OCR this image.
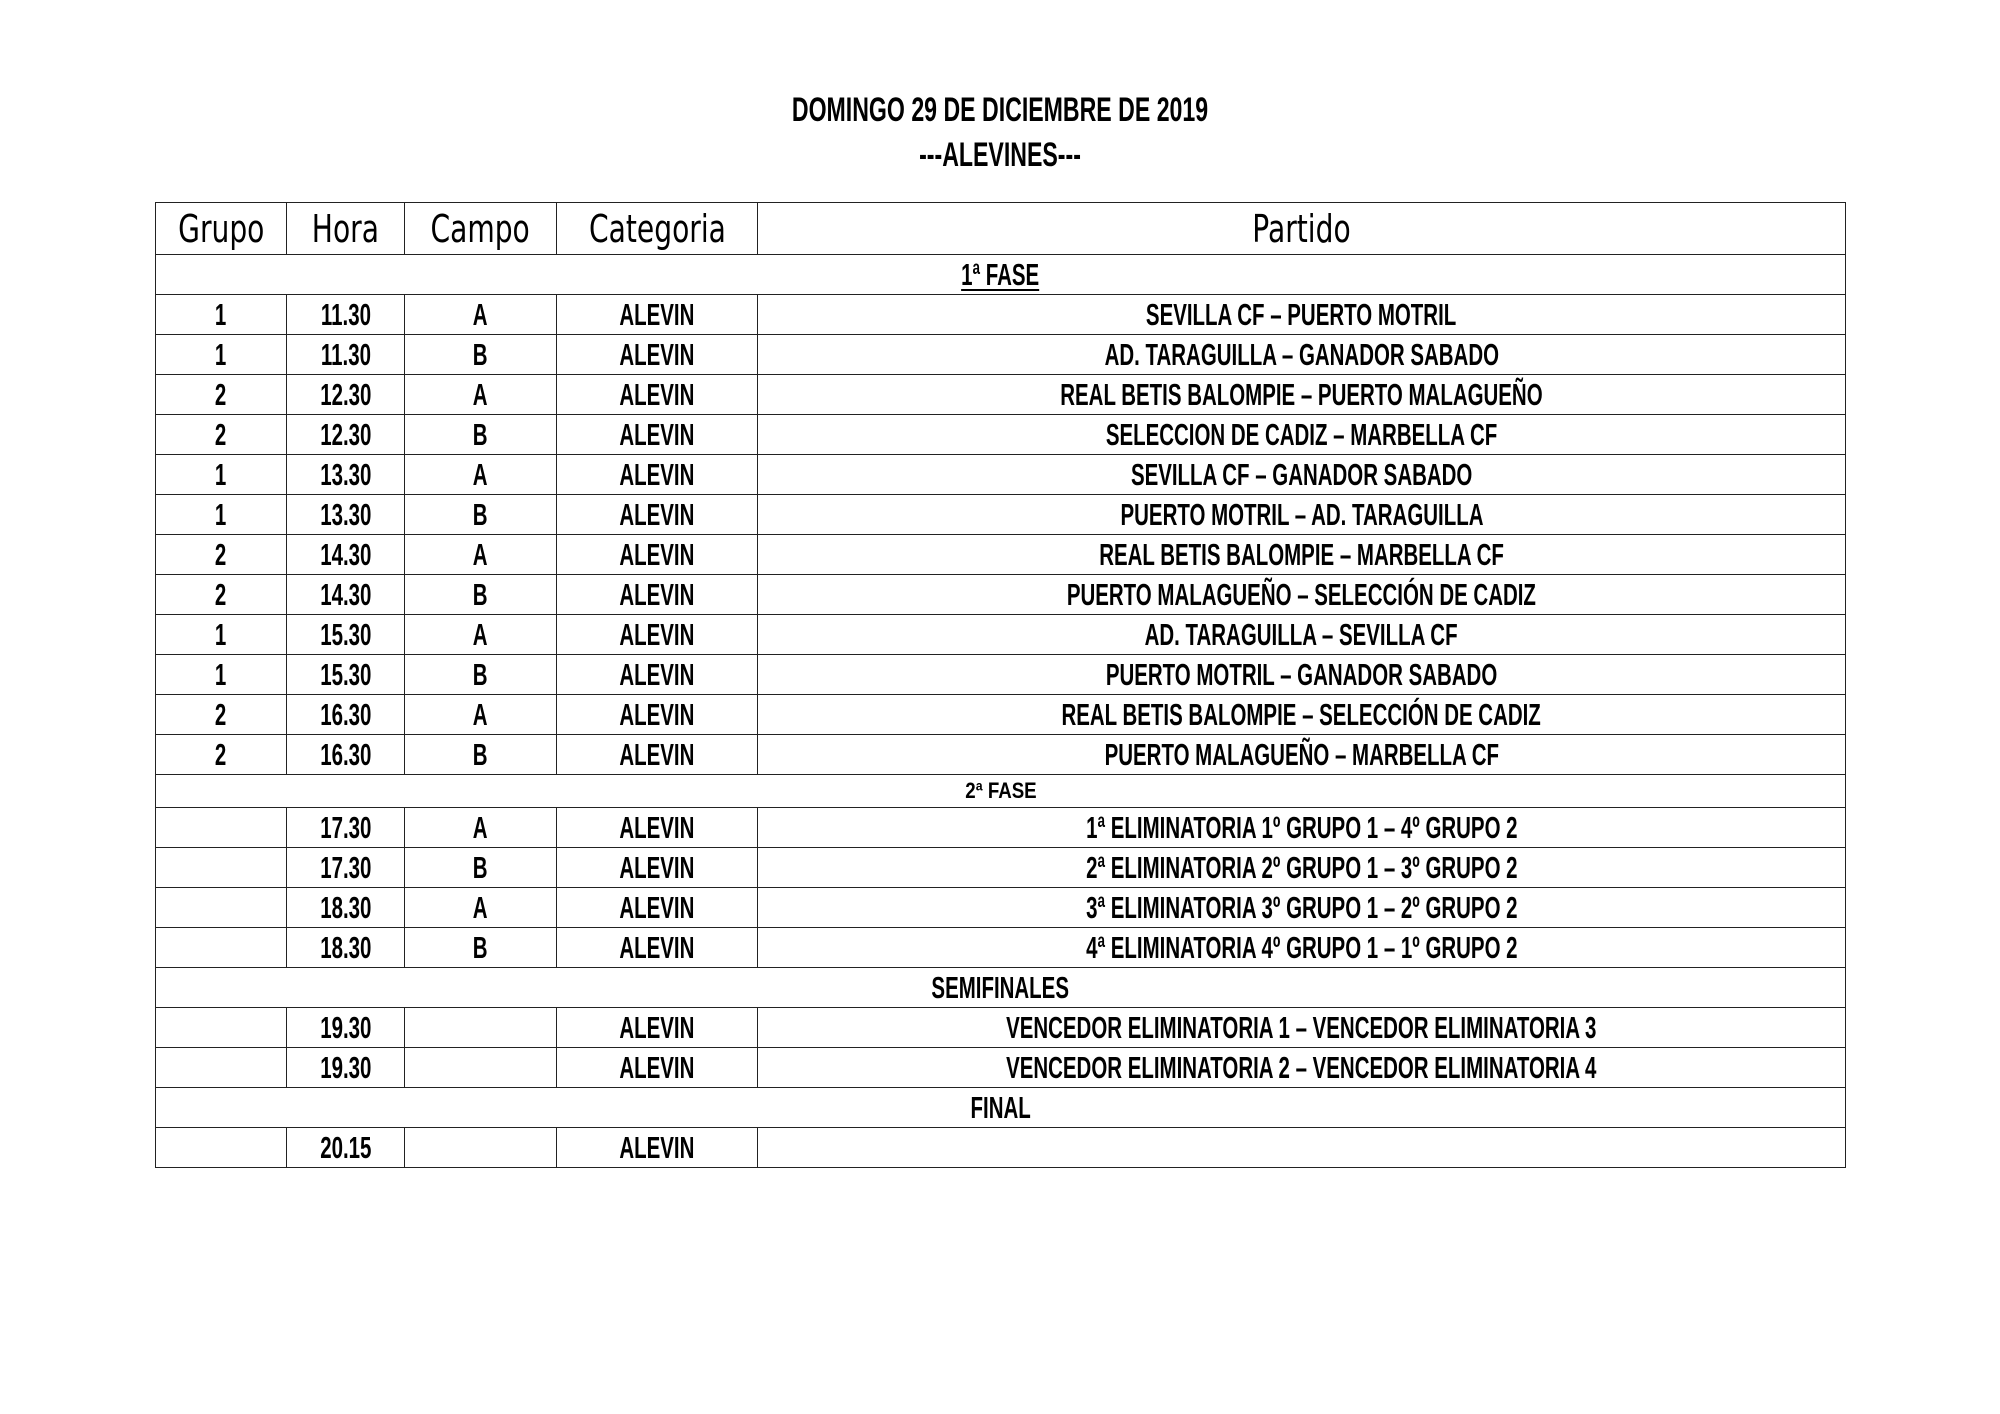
DOMINGO 29 DE DICIEMBRE DE 2019
---ALEVINES---
Grupo	Hora	Campo	Categoria	Partido
1ª FASE				
1	11.30	A	ALEVIN	SEVILLA CF – PUERTO MOTRIL
1	11.30	B	ALEVIN	AD. TARAGUILLA – GANADOR SABADO
2	12.30	A	ALEVIN	REAL BETIS BALOMPIE – PUERTO MALAGUEÑO
2	12.30	B	ALEVIN	SELECCION DE CADIZ – MARBELLA CF
1	13.30	A	ALEVIN	SEVILLA CF – GANADOR SABADO
1	13.30	B	ALEVIN	PUERTO MOTRIL – AD. TARAGUILLA
2	14.30	A	ALEVIN	REAL BETIS BALOMPIE – MARBELLA CF
2	14.30	B	ALEVIN	PUERTO MALAGUEÑO – SELECCIÓN DE CADIZ
1	15.30	A	ALEVIN	AD. TARAGUILLA – SEVILLA CF
1	15.30	B	ALEVIN	PUERTO MOTRIL – GANADOR SABADO
2	16.30	A	ALEVIN	REAL BETIS BALOMPIE – SELECCIÓN DE CADIZ
2	16.30	B	ALEVIN	PUERTO MALAGUEÑO – MARBELLA CF
2ª FASE				
	17.30	A	ALEVIN	1ª ELIMINATORIA 1º GRUPO 1 – 4º GRUPO 2
	17.30	B	ALEVIN	2ª ELIMINATORIA 2º GRUPO 1 – 3º GRUPO 2
	18.30	A	ALEVIN	3ª ELIMINATORIA 3º GRUPO 1 – 2º GRUPO 2
	18.30	B	ALEVIN	4ª ELIMINATORIA 4º GRUPO 1 – 1º GRUPO 2
SEMIFINALES				
	19.30		ALEVIN	VENCEDOR ELIMINATORIA 1 – VENCEDOR ELIMINATORIA 3
	19.30		ALEVIN	VENCEDOR ELIMINATORIA 2 – VENCEDOR ELIMINATORIA 4
FINAL				
	20.15		ALEVIN	
